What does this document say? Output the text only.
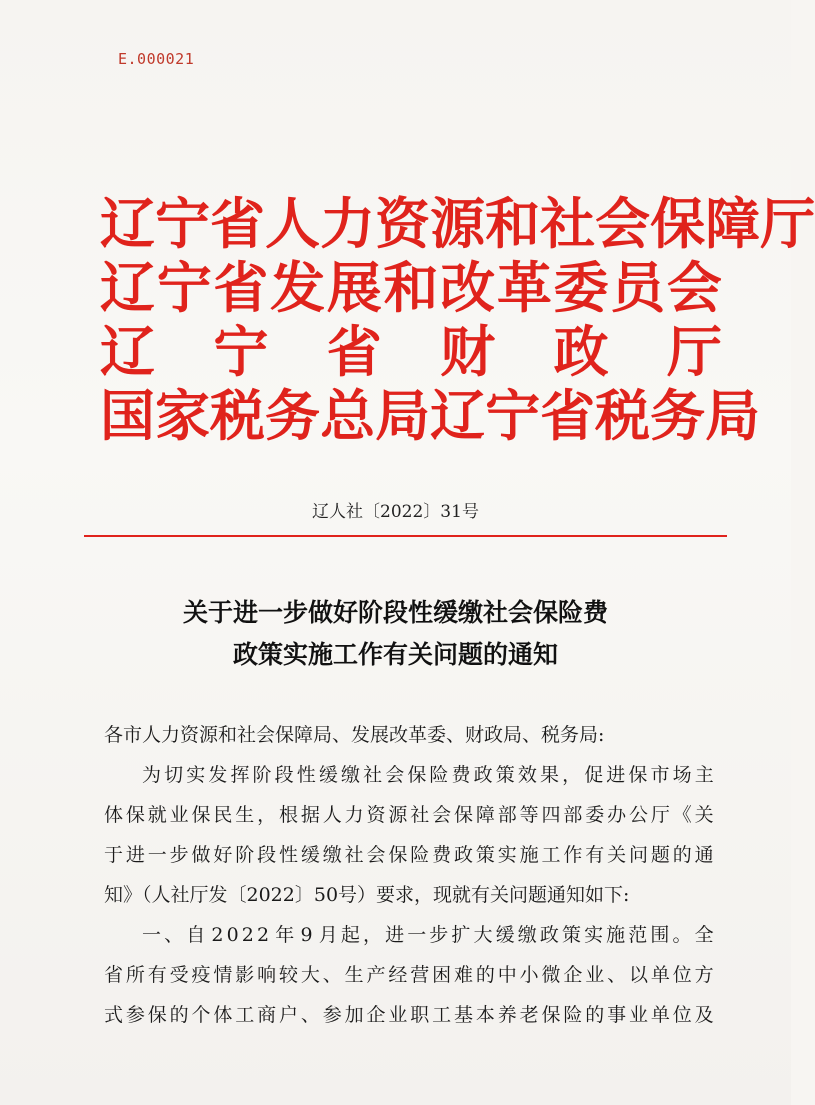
E.000021
辽 宁 省 人 力 资 源 和 社 会 保 障 厅
辽 宁 省 发 展 和 改 革 委 员 会
辽 宁 省 财 政 厅
国 家 税 务 总 局 辽 宁 省 税 务 局
辽人社〔2022〕31号
关于进一步做好阶段性缓缴社会保险费
政策实施工作有关问题的通知
各市人力资源和社会保障局、发展改革委、财政局、税务局:
为 切 实 发 挥 阶 段 性 缓 缴 社 会 保 险 费 政 策 效 果 ， 促 进 保 市 场 主
体 保 就 业 保 民 生 ， 根 据 人 力 资 源 社 会 保 障 部 等 四 部 委 办 公 厅 《 关
于 进 一 步 做 好 阶 段 性 缓 缴 社 会 保 险 费 政 策 实 施 工 作 有 关 问 题 的 通
知》（人社厅发〔2022〕50号）要求，现就有关问题通知如下:
一 、 自 2 0 2 2 年 9 月 起 ， 进 一 步 扩 大 缓 缴 政 策 实 施 范 围 。 全
省 所 有 受 疫 情 影 响 较 大 、 生 产 经 营 困 难 的 中 小 微 企 业 、 以 单 位 方
式 参 保 的 个 体 工 商 户 、 参 加 企 业 职 工 基 本 养 老 保 险 的 事 业 单 位 及
